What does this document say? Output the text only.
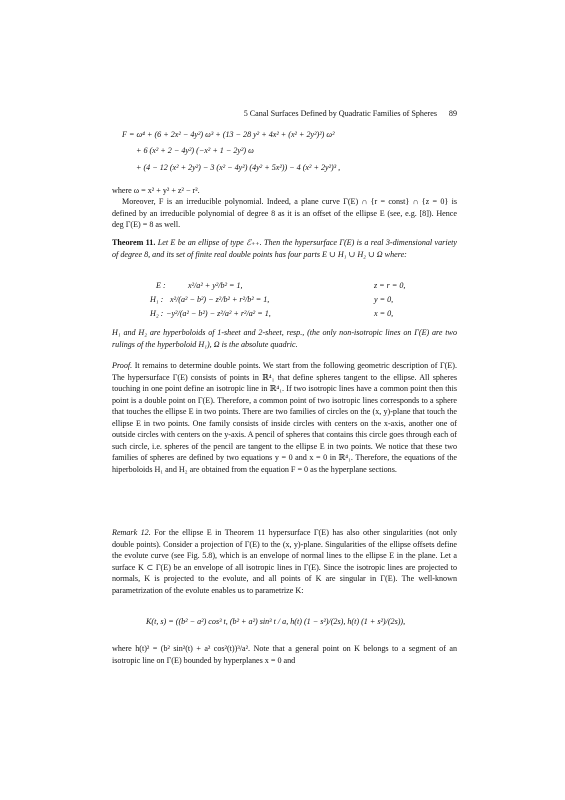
5 Canal Surfaces Defined by Quadratic Families of Spheres 89
F = ω⁴ + (6 + 2x² − 4y²) ω³ + (13 − 28 y² + 4x² + (x² + 2y²)²) ω²
+ 6 (x² + 2 − 4y²) (−x² + 1 − 2y²) ω
+ (4 − 12 (x² + 2y²) − 3 (x² − 4y²) (4y² + 5x²)) − 4 (x² + 2y²)³ ,

where ω = x² + y² + z² − r².

Moreover, F is an irreducible polynomial. Indeed, a plane curve Γ(E) ∩ {r = const} ∩ {z = 0} is defined by an irreducible polynomial of degree 8 as it is an offset of the ellipse E (see, e.g. [8]). Hence deg Γ(E) = 8 as well.

Theorem 11. Let E be an ellipse of type ℰ₊₊. Then the hypersurface Γ(E) is a real 3-dimensional variety of degree 8, and its set of finite real double points has four parts E ∪ H₁ ∪ H₂ ∪ Ω where:

E :	x²/a² + y²/b² = 1,	z = r = 0,
H₁ : x²/(a² − b²) − z²/b² + r²/b² = 1,	y = 0,
H₂ : −y²/(a² − b²) − z²/a² + r²/a² = 1,	x = 0,

H₁ and H₂ are hyperboloids of 1-sheet and 2-sheet, resp., (the only non-isotropic lines on Γ(E) are two rulings of the hyperboloid H₁), Ω is the absolute quadric.

Proof. It remains to determine double points. We start from the following geometric description of Γ(E). The hypersurface Γ(E) consists of points in ℝ⁴₁ that define spheres tangent to the ellipse. All spheres touching in one point define an isotropic line in ℝ⁴₁. If two isotropic lines have a common point then this point is a double point on Γ(E). Therefore, a common point of two isotropic lines corresponds to a sphere that touches the ellipse E in two points. There are two families of circles on the (x, y)-plane that touch the ellipse E in two points. One family consists of inside circles with centers on the x-axis, another one of outside circles with centers on the y-axis. A pencil of spheres that contains this circle goes through each of such circle, i.e. spheres of the pencil are tangent to the ellipse E in two points. We notice that these two families of spheres are defined by two equations y = 0 and x = 0 in ℝ⁴₁. Therefore, the equations of the hiperboloids H₁ and H₂ are obtained from the equation F = 0 as the hyperplane sections.

Remark 12. For the ellipse E in Theorem 11 hypersurface Γ(E) has also other singularities (not only double points). Consider a projection of Γ(E) to the (x, y)-plane. Singularities of the ellipse offsets define the evolute curve (see Fig. 5.8), which is an envelope of normal lines to the ellipse E in the plane. Let a surface K ⊂ Γ(E) be an envelope of all isotropic lines in Γ(E). Since the isotropic lines are projected to normals, K is projected to the evolute, and all points of K are singular in Γ(E). The well-known parametrization of the evolute enables us to parametrize K:

K(t, s) = ((b² − a²) cos³ t, (b² + a²) sin³ t / a, h(t) (1 − s²)/(2s), h(t) (1 + s²)/(2s)),

where h(t)² = (b² sin²(t) + a² cos²(t))³/a². Note that a general point on K belongs to a segment of an isotropic line on Γ(E) bounded by hyperplanes x = 0 and
